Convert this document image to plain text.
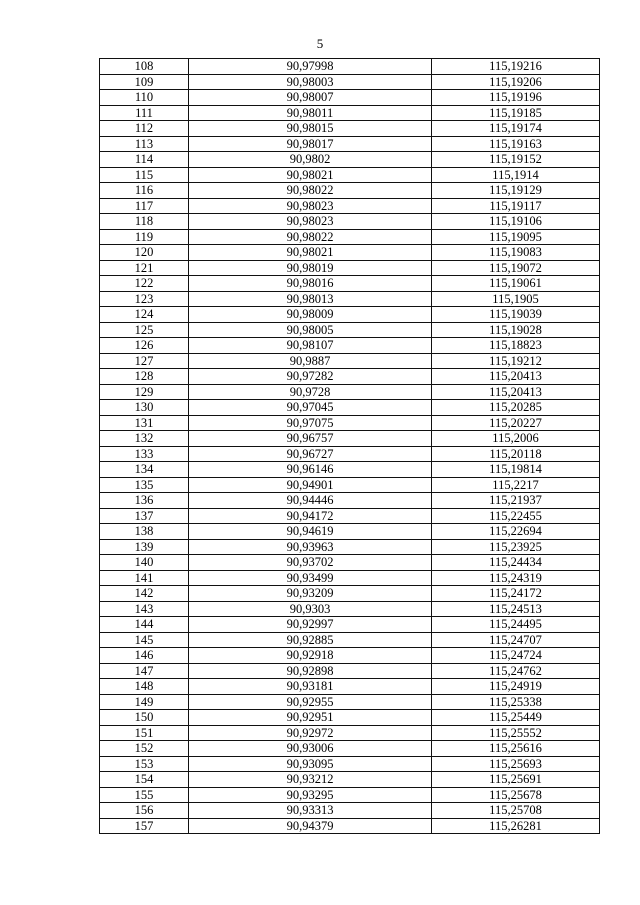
5
108	90,97998	115,19216
109	90,98003	115,19206
110	90,98007	115,19196
111	90,98011	115,19185
112	90,98015	115,19174
113	90,98017	115,19163
114	90,9802	115,19152
115	90,98021	115,1914
116	90,98022	115,19129
117	90,98023	115,19117
118	90,98023	115,19106
119	90,98022	115,19095
120	90,98021	115,19083
121	90,98019	115,19072
122	90,98016	115,19061
123	90,98013	115,1905
124	90,98009	115,19039
125	90,98005	115,19028
126	90,98107	115,18823
127	90,9887	115,19212
128	90,97282	115,20413
129	90,9728	115,20413
130	90,97045	115,20285
131	90,97075	115,20227
132	90,96757	115,2006
133	90,96727	115,20118
134	90,96146	115,19814
135	90,94901	115,2217
136	90,94446	115,21937
137	90,94172	115,22455
138	90,94619	115,22694
139	90,93963	115,23925
140	90,93702	115,24434
141	90,93499	115,24319
142	90,93209	115,24172
143	90,9303	115,24513
144	90,92997	115,24495
145	90,92885	115,24707
146	90,92918	115,24724
147	90,92898	115,24762
148	90,93181	115,24919
149	90,92955	115,25338
150	90,92951	115,25449
151	90,92972	115,25552
152	90,93006	115,25616
153	90,93095	115,25693
154	90,93212	115,25691
155	90,93295	115,25678
156	90,93313	115,25708
157	90,94379	115,26281
